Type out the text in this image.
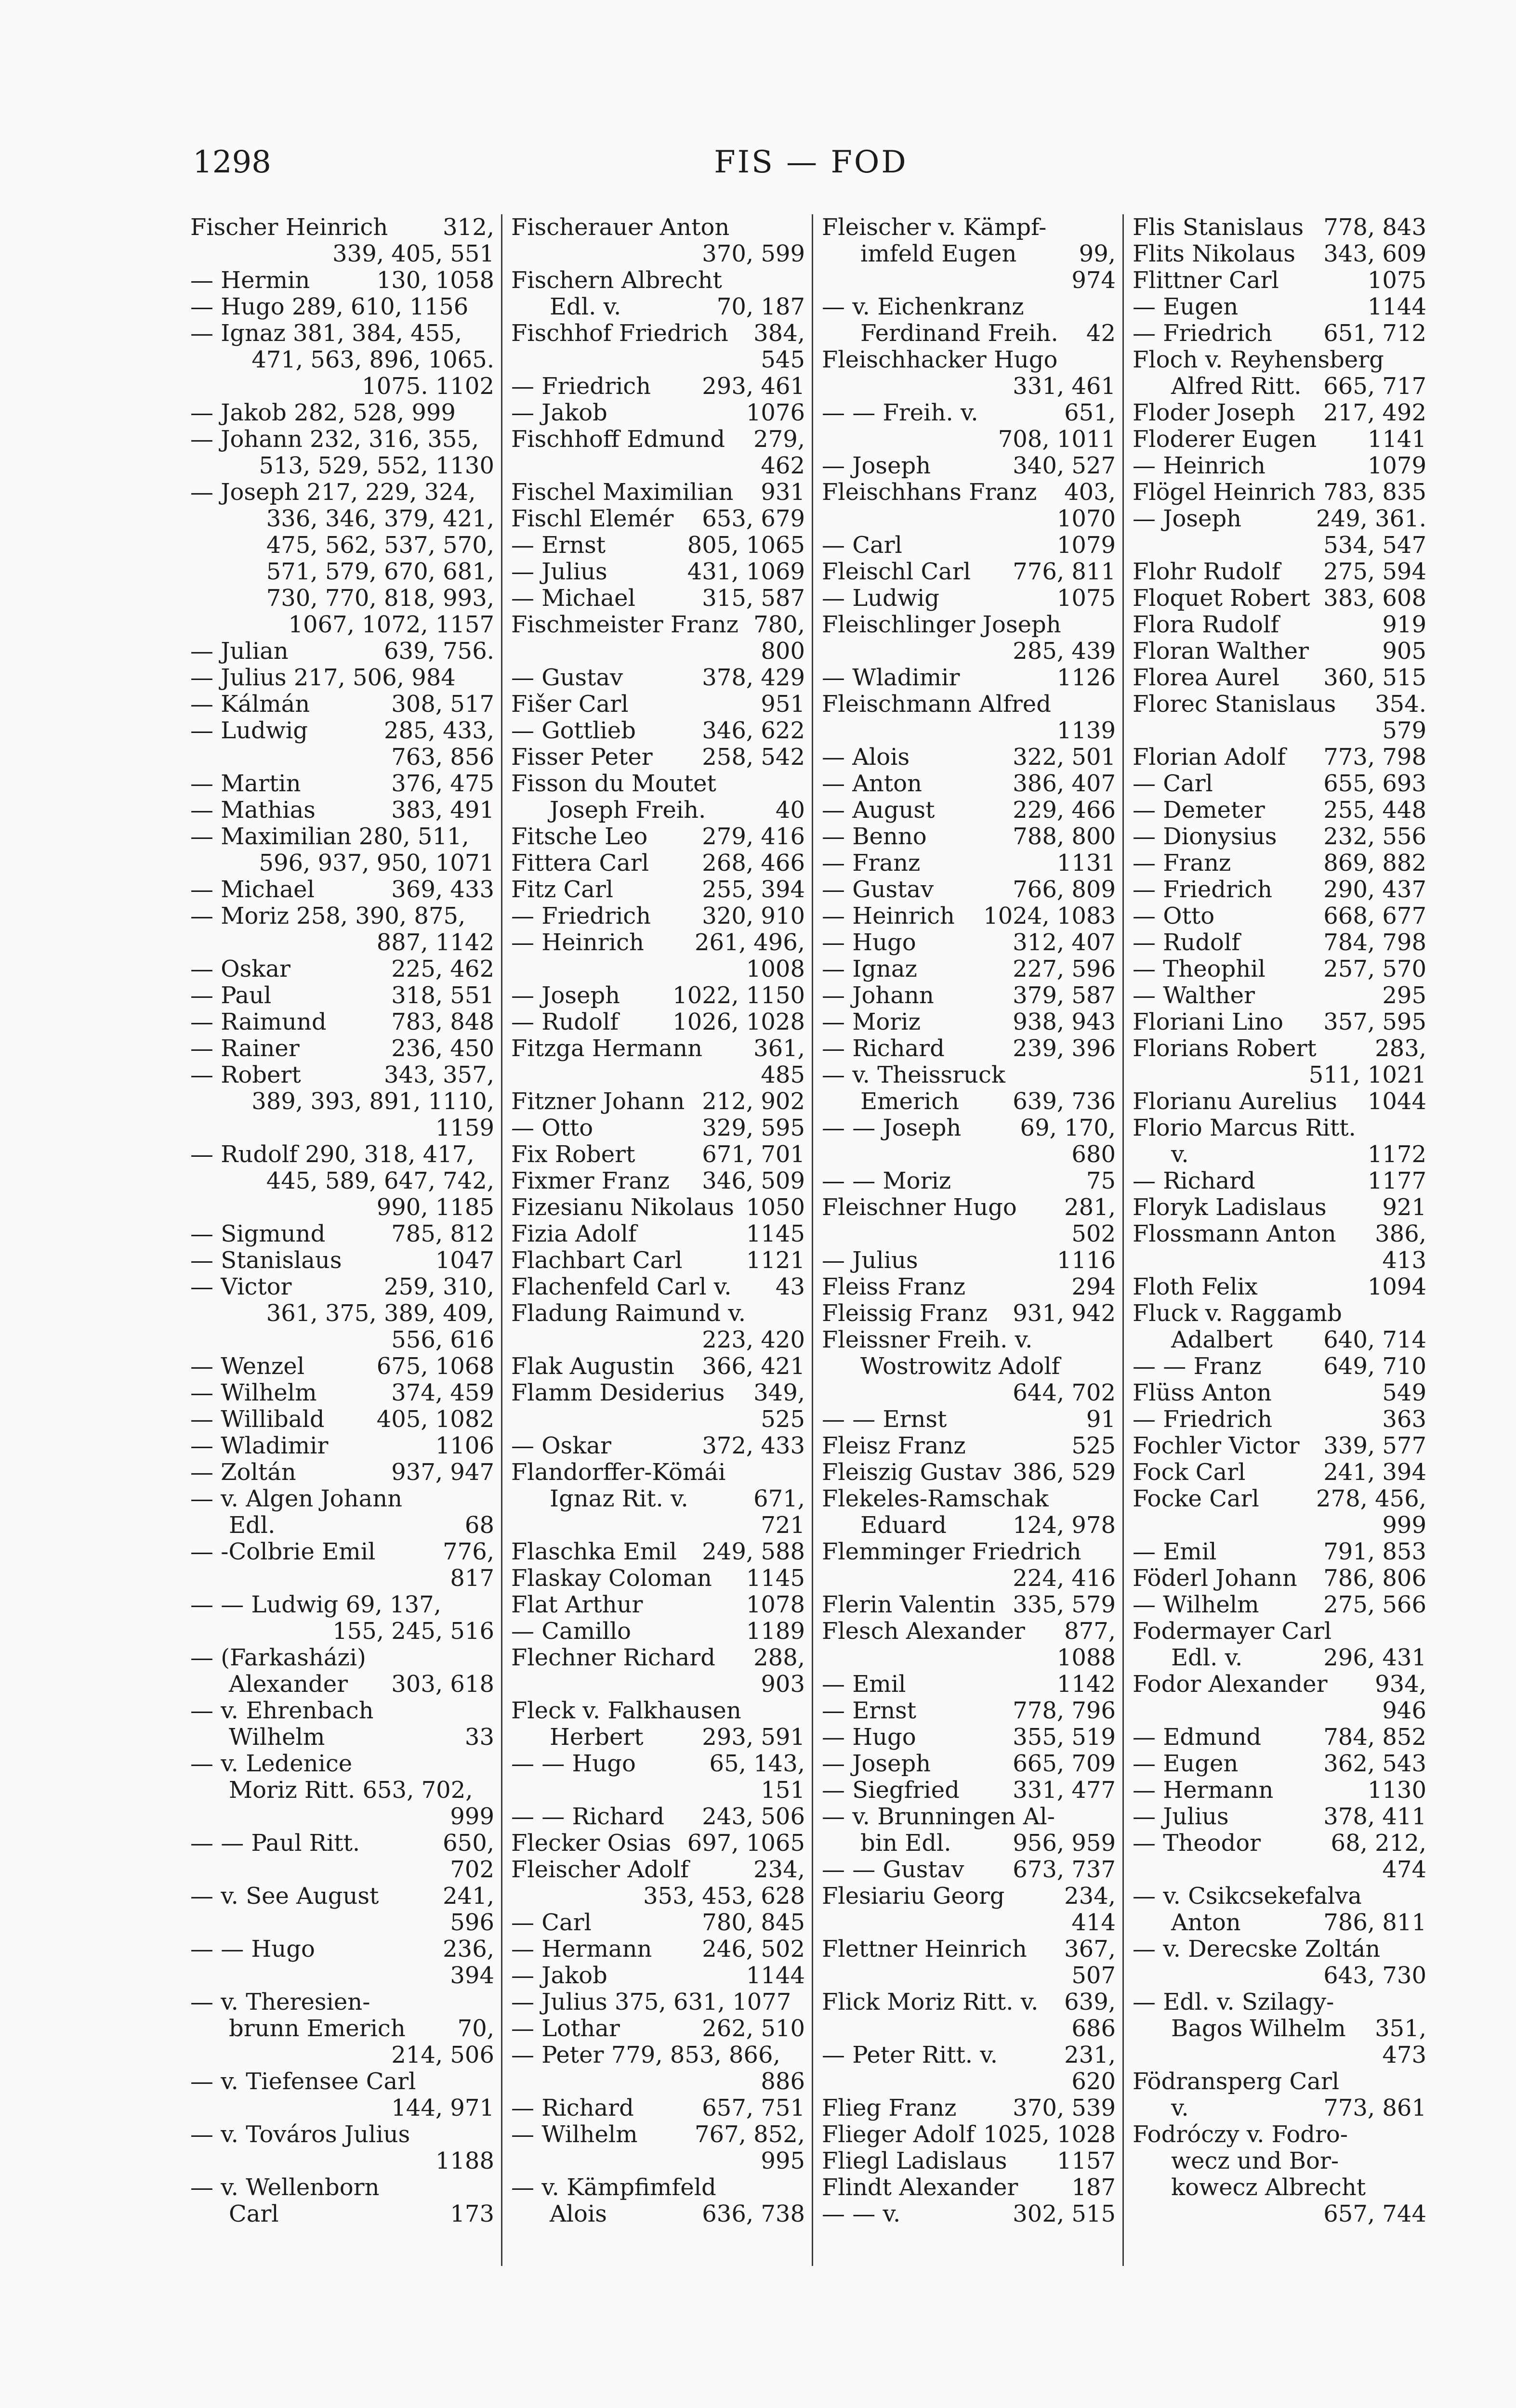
1298	FIS — FOD
Fischer Heinrich	312,
339, 405, 551
— Hermin	130, 1058
— Hugo 289, 610, 1156
— Ignaz 381, 384, 455,
471, 563, 896, 1065.
1075. 1102
— Jakob 282, 528, 999
— Johann 232, 316, 355,
513, 529, 552, 1130
— Joseph 217, 229, 324,
336, 346, 379, 421,
475, 562, 537, 570,
571, 579, 670, 681,
730, 770, 818, 993,
1067, 1072, 1157
— Julian	639, 756.
— Julius 217, 506, 984
— Kálmán	308, 517
— Ludwig	285, 433,
763, 856
— Martin	376, 475
— Mathias	383, 491
— Maximilian 280, 511,
596, 937, 950, 1071
— Michael	369, 433
— Moriz 258, 390, 875,
887, 1142
— Oskar	225, 462
— Paul	318, 551
— Raimund	783, 848
— Rainer	236, 450
— Robert	343, 357,
389, 393, 891, 1110,
1159
— Rudolf 290, 318, 417,
445, 589, 647, 742,
990, 1185
— Sigmund	785, 812
— Stanislaus	1047
— Victor	259, 310,
361, 375, 389, 409,
556, 616
— Wenzel	675, 1068
— Wilhelm	374, 459
— Willibald	405, 1082
— Wladimir	1106
— Zoltán	937, 947
— v. Algen Johann
Edl.	68
— -Colbrie Emil	776,
817
— — Ludwig 69, 137,
155, 245, 516
— (Farkasházi)
Alexander	303, 618
— v. Ehrenbach
Wilhelm	33
— v. Ledenice
Moriz Ritt. 653, 702,
999
— — Paul Ritt.	650,
702
— v. See August	241,
596
— — Hugo	236,
394
— v. Theresien-
brunn Emerich	70,
214, 506
— v. Tiefensee Carl
144, 971
— v. Továros Julius
1188
— v. Wellenborn
Carl	173
Fischerauer Anton
370, 599
Fischern Albrecht
Edl. v.	70, 187
Fischhof Friedrich	384,
545
— Friedrich	293, 461
— Jakob	1076
Fischhoff Edmund	279,
462
Fischel Maximilian	931
Fischl Elemér	653, 679
— Ernst	805, 1065
— Julius	431, 1069
— Michael	315, 587
Fischmeister Franz 780,
800
— Gustav	378, 429
Fišer Carl	951
— Gottlieb	346, 622
Fisser Peter	258, 542
Fisson du Moutet
Joseph Freih.	40
Fitsche Leo	279, 416
Fittera Carl	268, 466
Fitz Carl	255, 394
— Friedrich	320, 910
— Heinrich	261, 496,
1008
— Joseph	1022, 1150
— Rudolf	1026, 1028
Fitzga Hermann	361,
485
Fitzner Johann 212, 902
— Otto	329, 595
Fix Robert	671, 701
Fixmer Franz	346, 509
Fizesianu Nikolaus 1050
Fizia Adolf	1145
Flachbart Carl	1121
Flachenfeld Carl v.	43
Fladung Raimund v.
223, 420
Flak Augustin	366, 421
Flamm Desiderius	349,
525
— Oskar	372, 433
Flandorffer-Kömái
Ignaz Rit. v.	671,
721
Flaschka Emil	249, 588
Flaskay Coloman	1145
Flat Arthur	1078
— Camillo	1189
Flechner Richard	288,
903
Fleck v. Falkhausen
Herbert	293, 591
— — Hugo	65, 143,
151
— — Richard	243, 506
Flecker Osias 697, 1065
Fleischer Adolf	234,
353, 453, 628
— Carl	780, 845
— Hermann	246, 502
— Jakob	1144
— Julius 375, 631, 1077
— Lothar	262, 510
— Peter 779, 853, 866,
886
— Richard	657, 751
— Wilhelm	767, 852,
995
— v. Kämpfimfeld
Alois	636, 738
Fleischer v. Kämpf-
imfeld Eugen	99,
974
— v. Eichenkranz
Ferdinand Freih.	42
Fleischhacker Hugo
331, 461
— — Freih. v.	651,
708, 1011
— Joseph	340, 527
Fleischhans Franz	403,
1070
— Carl	1079
Fleischl Carl	776, 811
— Ludwig	1075
Fleischlinger Joseph
285, 439
— Wladimir	1126
Fleischmann Alfred
1139
— Alois	322, 501
— Anton	386, 407
— August	229, 466
— Benno	788, 800
— Franz	1131
— Gustav	766, 809
— Heinrich	1024, 1083
— Hugo	312, 407
— Ignaz	227, 596
— Johann	379, 587
— Moriz	938, 943
— Richard	239, 396
— v. Theissruck
Emerich	639, 736
— — Joseph	69, 170,
680
— — Moriz	75
Fleischner Hugo	281,
502
— Julius	1116
Fleiss Franz	294
Fleissig Franz	931, 942
Fleissner Freih. v.
Wostrowitz Adolf
644, 702
— — Ernst	91
Fleisz Franz	525
Fleiszig Gustav 386, 529
Flekeles-Ramschak
Eduard	124, 978
Flemminger Friedrich
224, 416
Flerin Valentin 335, 579
Flesch Alexander	877,
1088
— Emil	1142
— Ernst	778, 796
— Hugo	355, 519
— Joseph	665, 709
— Siegfried	331, 477
— v. Brunningen Al-
bin Edl.	956, 959
— — Gustav	673, 737
Flesiariu Georg	234,
414
Flettner Heinrich	367,
507
Flick Moriz Ritt. v.	639,
686
— Peter Ritt. v.	231,
620
Flieg Franz	370, 539
Flieger Adolf 1025, 1028
Fliegl Ladislaus	1157
Flindt Alexander	187
— — v.	302, 515
Flis Stanislaus 778, 843
Flits Nikolaus	343, 609
Flittner Carl	1075
— Eugen	1144
— Friedrich	651, 712
Floch v. Reyhensberg
Alfred Ritt. 665, 717
Floder Joseph	217, 492
Floderer Eugen	1141
— Heinrich	1079
Flögel Heinrich 783, 835
— Joseph	249, 361.
534, 547
Flohr Rudolf	275, 594
Floquet Robert 383, 608
Flora Rudolf	919
Floran Walther	905
Florea Aurel	360, 515
Florec Stanislaus	354.
579
Florian Adolf	773, 798
— Carl	655, 693
— Demeter	255, 448
— Dionysius	232, 556
— Franz	869, 882
— Friedrich	290, 437
— Otto	668, 677
— Rudolf	784, 798
— Theophil	257, 570
— Walther	295
Floriani Lino	357, 595
Florians Robert	283,
511, 1021
Florianu Aurelius	1044
Florio Marcus Ritt.
v.	1172
— Richard	1177
Floryk Ladislaus	921
Flossmann Anton	386,
413
Floth Felix	1094
Fluck v. Raggamb
Adalbert	640, 714
— — Franz	649, 710
Flüss Anton	549
— Friedrich	363
Fochler Victor	339, 577
Fock Carl	241, 394
Focke Carl	278, 456,
999
— Emil	791, 853
Föderl Johann	786, 806
— Wilhelm	275, 566
Fodermayer Carl
Edl. v.	296, 431
Fodor Alexander	934,
946
— Edmund	784, 852
— Eugen	362, 543
— Hermann	1130
— Julius	378, 411
— Theodor	68, 212,
474
— v. Csikcsekefalva
Anton	786, 811
— v. Derecske Zoltán
643, 730
— Edl. v. Szilagy-
Bagos Wilhelm	351,
473
Födransperg Carl
v.	773, 861
Fodróczy v. Fodro-
wecz und Bor-
kowecz Albrecht
657, 744
